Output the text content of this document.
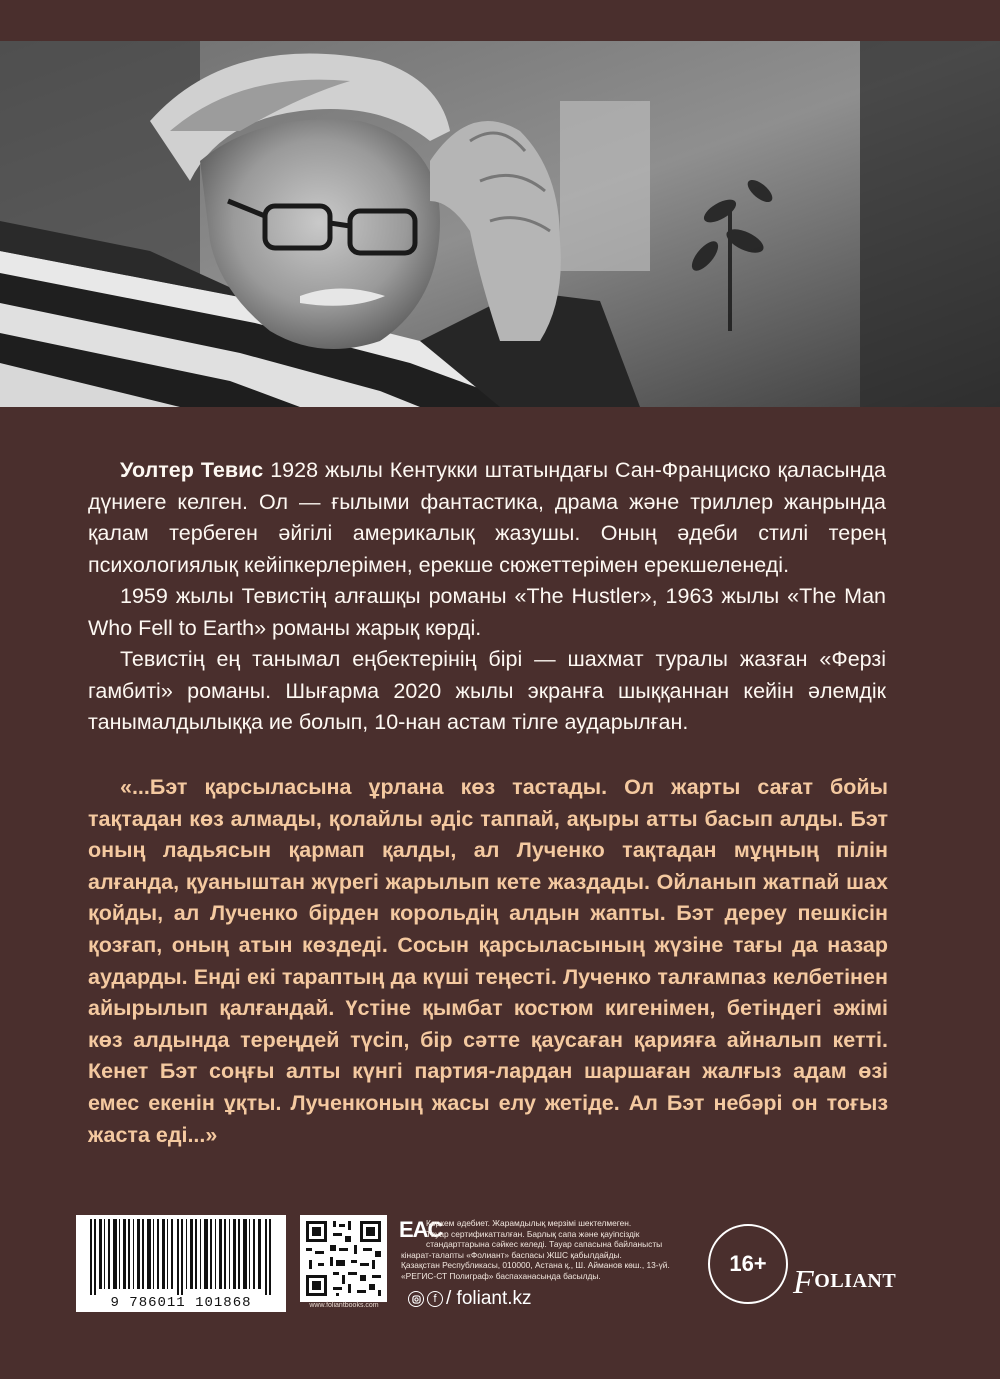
Уолтер Тевис 1928 жылы Кентукки штатындағы Сан-Франциско қаласында дүниеге келген. Ол — ғылыми фантастика, драма және триллер жанрында қалам тербеген әйгілі америкалық жазушы. Оның әдеби стилі терең психологиялық кейіпкерлерімен, ерекше сюжеттерімен ерекшеленеді.

1959 жылы Тевистің алғашқы романы «The Hustler», 1963 жылы «The Man Who Fell to Earth» романы жарық көрді.

Тевистің ең танымал еңбектерінің бірі — шахмат туралы жазған «Ферзі гамбиті» романы. Шығарма 2020 жылы экранға шыққаннан кейін әлемдік танымалдылыққа ие болып, 10-нан астам тілге аударылған.

«...Бэт қарсыласына ұрлана көз тастады. Ол жарты сағат бойы тақтадан көз алмады, қолайлы әдіс таппай, ақыры атты басып алды. Бэт оның ладьясын қармап қалды, ал Лученко тақтадан мұңның пілін алғанда, қуаныштан жүрегі жарылып кете жаздады. Ойланып жатпай шах қойды, ал Лученко бірден корольдің алдын жапты. Бэт дереу пешкісін қозғап, оның атын көздеді. Сосын қарсыласының жүзіне тағы да назар аударды. Енді екі тараптың да күші теңесті. Лученко талғампаз келбетінен айырылып қалғандай. Үстіне қымбат костюм кигенімен, бетіндегі әжімі көз алдында тереңдей түсіп, бір сәтте қаусаған қарияға айналып кетті. Кенет Бэт соңғы алты күнгі партия-лардан шаршаған жалғыз адам өзі емес екенін ұқты. Лученконың жасы елу жетіде. Ал Бэт небәрі он тоғыз жаста еді...»
9 786011 101868	www.foliantbooks.com
EAC
Көркем әдебиет. Жарамдылық мерзімі шектелмеген.
Тауар сертификатталған. Барлық сапа және қауіпсіздік
стандарттарына сәйкес келеді. Тауар сапасына байланысты
кінарат-талапты «Фолиант» баспасы ЖШС қабылдайды.
Қазақстан Республикасы, 010000, Астана қ., Ш. Айманов көш., 13-үй.
«РЕГИС-СТ Полиграф» баспаханасында басылды.
f / foliant.kz
16+
FOLIANT
